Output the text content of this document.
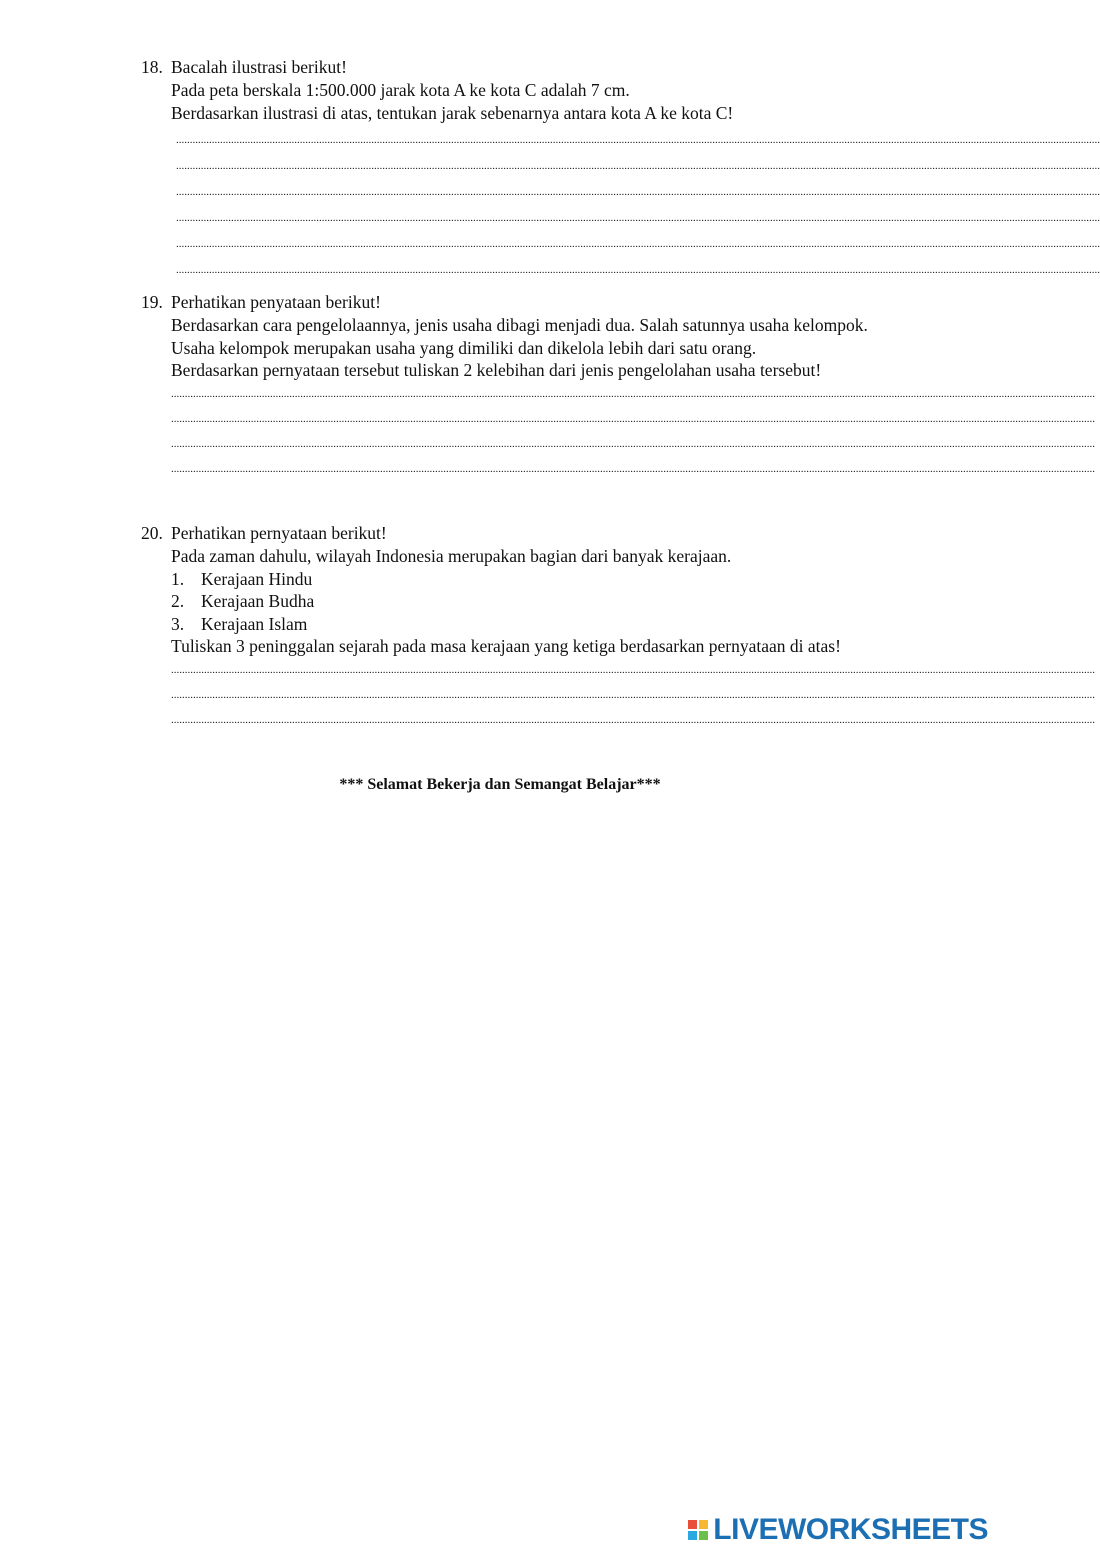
18. Bacalah ilustrasi berikut!
Pada peta berskala 1:500.000 jarak kota A ke kota C adalah 7 cm.
Berdasarkan ilustrasi di atas, tentukan jarak sebenarnya antara kota A ke kota C!
................................................................................................................................................................................................................................................................................................................................................
................................................................................................................................................................................................................................................................................................................................................
................................................................................................................................................................................................................................................................................................................................................
................................................................................................................................................................................................................................................................................................................................................
................................................................................................................................................................................................................................................................................................................................................
................................................................................................................................................................................................................................................................................................................................................
19. Perhatikan penyataan berikut!
Berdasarkan cara pengelolaannya, jenis usaha dibagi menjadi dua. Salah satunnya usaha kelompok. Usaha kelompok merupakan usaha yang dimiliki dan dikelola lebih dari satu orang.
Berdasarkan pernyataan tersebut tuliskan 2 kelebihan dari jenis pengelolahan usaha tersebut!
................................................................................................................................................................................................................................................................................................................................................
................................................................................................................................................................................................................................................................................................................................................
................................................................................................................................................................................................................................................................................................................................................
................................................................................................................................................................................................................................................................................................................................................
20. Perhatikan pernyataan berikut!
Pada zaman dahulu, wilayah Indonesia merupakan bagian dari banyak kerajaan.
1. Kerajaan Hindu
2. Kerajaan Budha
3. Kerajaan Islam
Tuliskan 3 peninggalan sejarah pada masa kerajaan yang ketiga berdasarkan pernyataan di atas!
................................................................................................................................................................................................................................................................................................................................................
................................................................................................................................................................................................................................................................................................................................................
................................................................................................................................................................................................................................................................................................................................................
*** Selamat Bekerja dan Semangat Belajar***
LIVEWORKSHEETS
